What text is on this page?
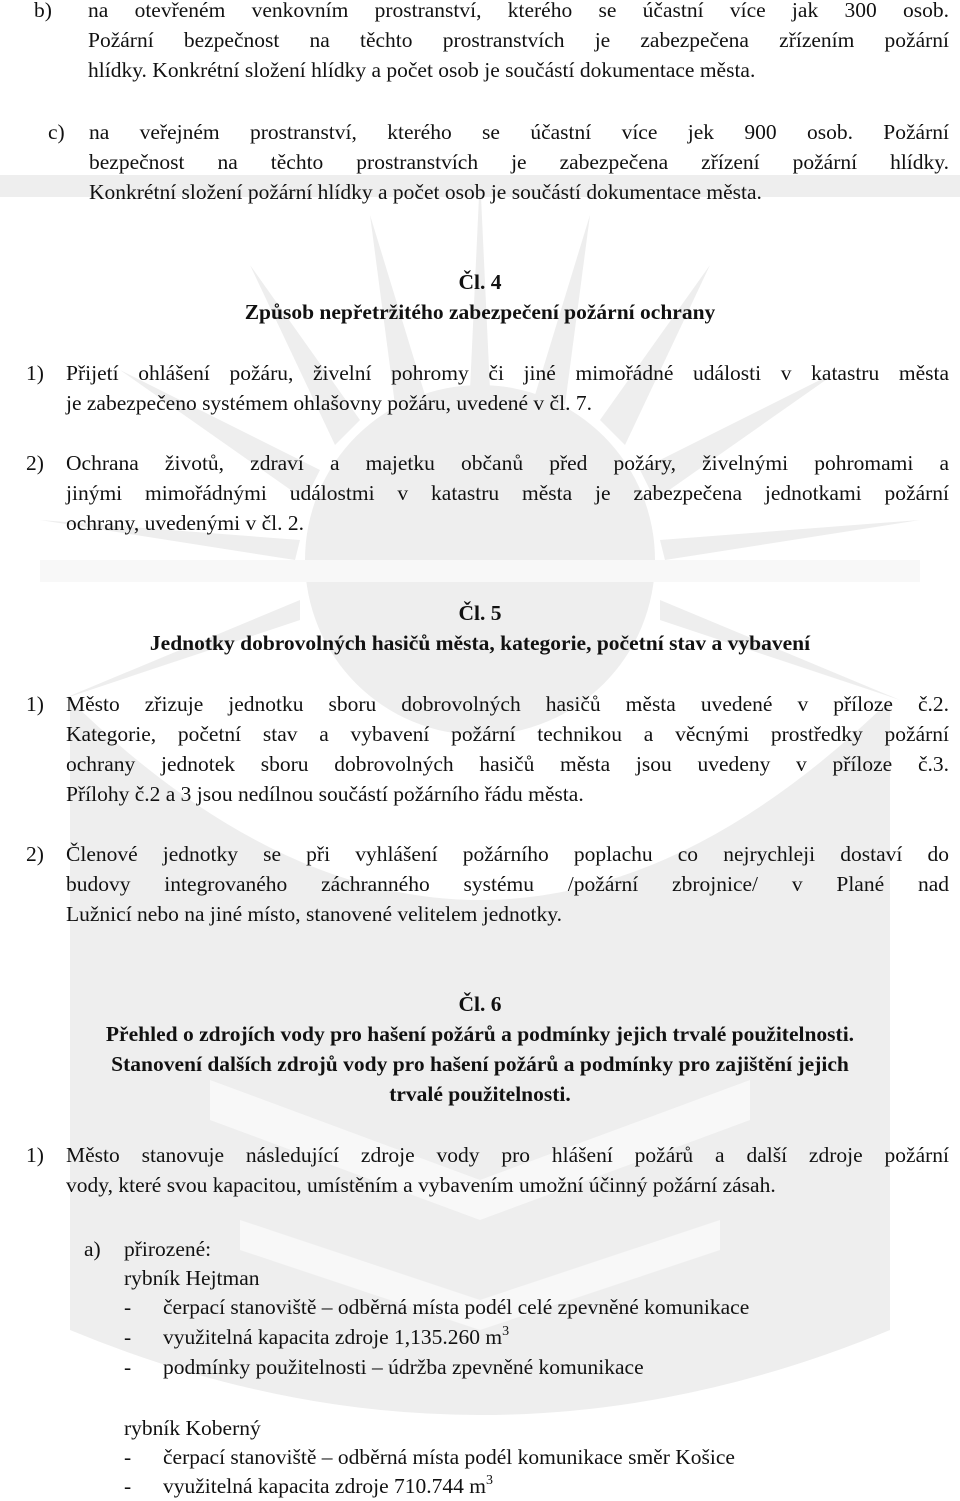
b) na otevřeném venkovním prostranství, kterého se účastní více jak 300 osob.
Požární bezpečnost na těchto prostranstvích je zabezpečena zřízením požární
hlídky. Konkrétní složení hlídky a počet osob je součástí dokumentace města.

c) na veřejném prostranství, kterého se účastní více jek 900 osob. Požární
bezpečnost na těchto prostranstvích je zabezpečena zřízení požární hlídky.
Konkrétní složení požární hlídky a počet osob je součástí dokumentace města.

Čl. 4

Způsob nepřetržitého zabezpečení požární ochrany

1) Přijetí ohlášení požáru, živelní pohromy či jiné mimořádné události v katastru města
je zabezpečeno systémem ohlašovny požáru, uvedené v čl. 7.

2) Ochrana životů, zdraví a majetku občanů před požáry, živelnými pohromami a
jinými mimořádnými událostmi v katastru města je zabezpečena jednotkami požární
ochrany, uvedenými v čl. 2.

Čl. 5

Jednotky dobrovolných hasičů města, kategorie, početní stav a vybavení

1) Město zřizuje jednotku sboru dobrovolných hasičů města uvedené v příloze č.2.
Kategorie, početní stav a vybavení požární technikou a věcnými prostředky požární
ochrany jednotek sboru dobrovolných hasičů města jsou uvedeny v příloze č.3.
Přílohy č.2 a 3 jsou nedílnou součástí požárního řádu města.

2) Členové jednotky se při vyhlášení požárního poplachu co nejrychleji dostaví do
budovy integrovaného záchranného systému /požární zbrojnice/ v Plané nad
Lužnicí nebo na jiné místo, stanovené velitelem jednotky.

Čl. 6

Přehled o zdrojích vody pro hašení požárů a podmínky jejich trvalé použitelnosti.

Stanovení dalších zdrojů vody pro hašení požárů a podmínky pro zajištění jejich

trvalé použitelnosti.

1) Město stanovuje následující zdroje vody pro hlášení požárů a další zdroje požární
vody, které svou kapacitou, umístěním a vybavením umožní účinný požární zásah.

a) přirozené:

rybník Hejtman

- čerpací stanoviště – odběrná místa podél celé zpevněné komunikace

- využitelná kapacita zdroje 1,135.260 $m^3$

- podmínky použitelnosti – údržba zpevněné komunikace

rybník Koberný

- čerpací stanoviště – odběrná místa podél komunikace směr Košice

- využitelná kapacita zdroje 710.744 $m^3$
